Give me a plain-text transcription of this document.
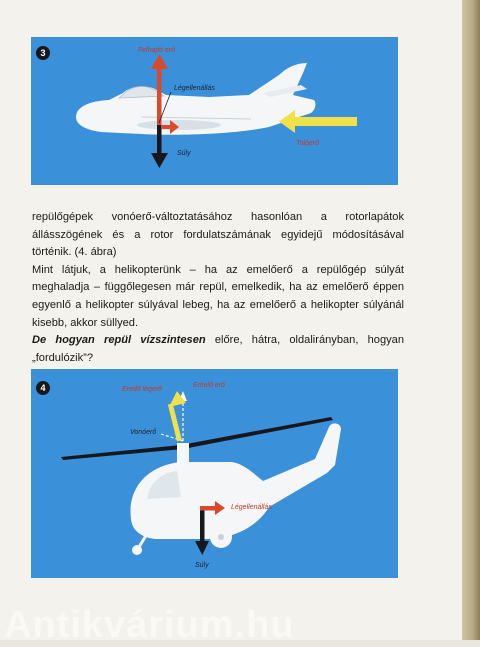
3	Felhajtó erő
Légellenállás
Tolóerő
Súly

repülőgépek vonóerő-változtatásához hasonlóan a rotorlapátok állásszögének és a rotor fordulatszámának egyidejű módosításával történik. (4. ábra)

Mint látjuk, a helikopterünk – ha az emelőerő a repülőgép súlyát meghaladja – függőlegesen már repül, emelkedik, ha az emelőerő éppen egyenlő a helikopter súlyával lebeg, ha az emelőerő a helikopter súlyánál kisebb, akkor süllyed.

De hogyan repül vízszintesen előre, hátra, oldalirányban, hogyan „fordulózik”?

4	Eredő légerő
Emelő erő
Vonóerő
Légellenállás
Súly
Antikvárium.hu
